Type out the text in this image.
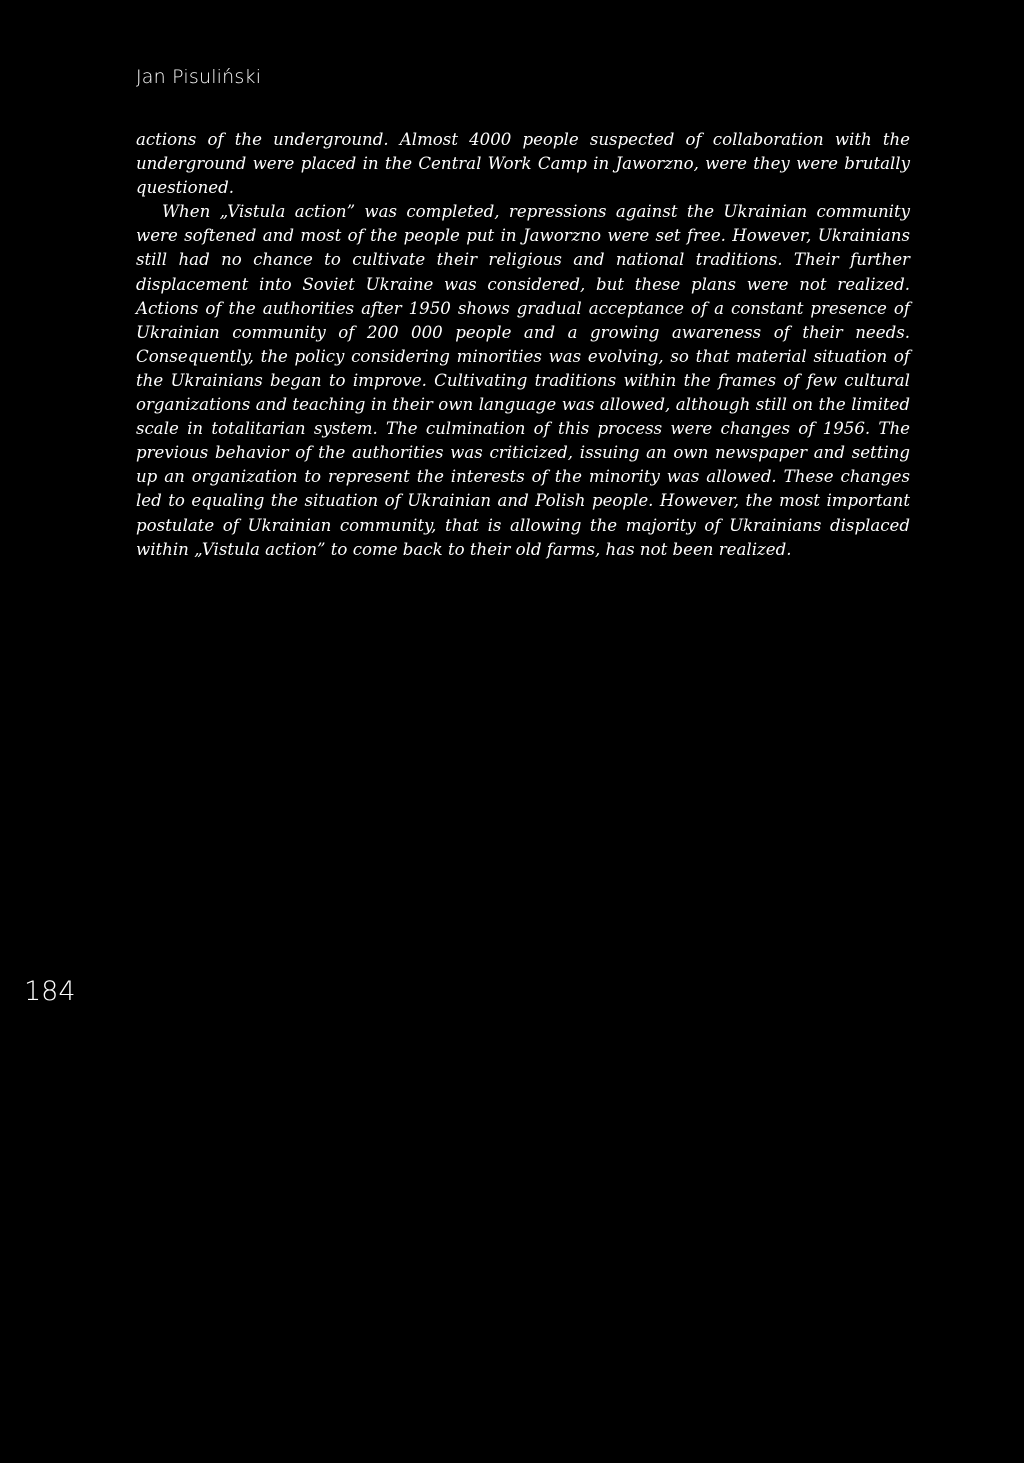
Jan Pisuliński

actions of the underground. Almost 4000 people suspected of collaboration with the underground were placed in the Central Work Camp in Jaworzno, were they were brutally questioned.

When „Vistula action” was completed, repressions against the Ukrainian community were softened and most of the people put in Jaworzno were set free. However, Ukrainians still had no chance to cultivate their religious and national traditions. Their further displacement into Soviet Ukraine was considered, but these plans were not realized. Actions of the authorities after 1950 shows gradual acceptance of a constant presence of Ukrainian community of 200 000 people and a growing awareness of their needs. Consequently, the policy considering minorities was evolving, so that material situation of the Ukrainians began to improve. Cultivating traditions within the frames of few cultural organizations and teaching in their own language was allowed, although still on the limited scale in totalitarian system. The culmination of this process were changes of 1956. The previous behavior of the authorities was criticized, issuing an own newspaper and setting up an organization to represent the interests of the minority was allowed. These changes led to equaling the situation of Ukrainian and Polish people. However, the most important postulate of Ukrainian community, that is allowing the majority of Ukrainians displaced within „Vistula action” to come back to their old farms, has not been realized.

184
